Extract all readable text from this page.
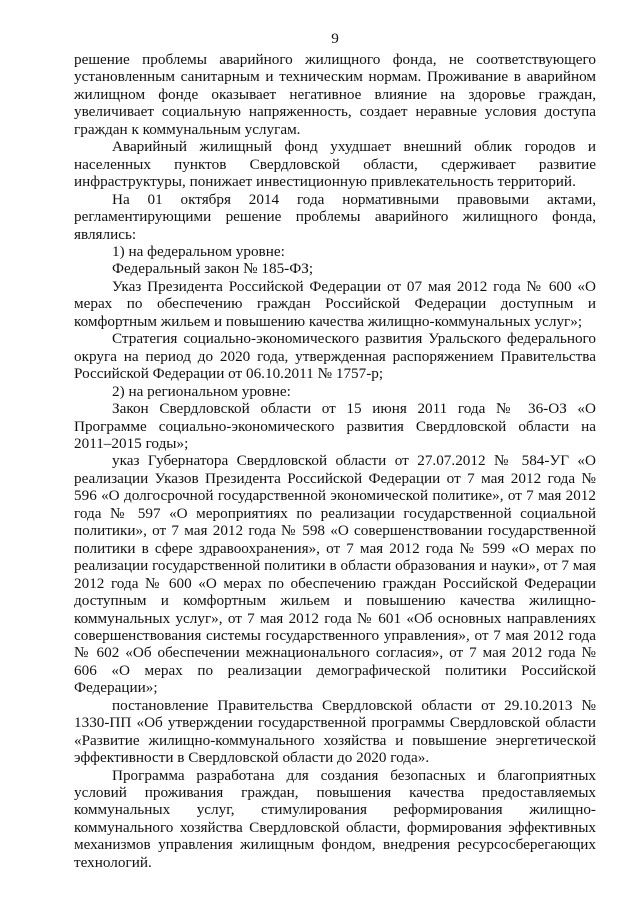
9

решение проблемы аварийного жилищного фонда, не соответствующего установленным санитарным и техническим нормам. Проживание в аварийном жилищном фонде оказывает негативное влияние на здоровье граждан, увеличивает социальную напряженность, создает неравные условия доступа граждан к коммунальным услугам.

Аварийный жилищный фонд ухудшает внешний облик городов и населенных пунктов Свердловской области, сдерживает развитие инфраструктуры, понижает инвестиционную привлекательность территорий.

На 01 октября 2014 года нормативными правовыми актами, регламентирующими решение проблемы аварийного жилищного фонда, являлись:

1) на федеральном уровне:

Федеральный закон № 185-ФЗ;

Указ Президента Российской Федерации от 07 мая 2012 года № 600 «О мерах по обеспечению граждан Российской Федерации доступным и комфортным жильем и повышению качества жилищно-коммунальных услуг»;

Стратегия социально-экономического развития Уральского федерального округа на период до 2020 года, утвержденная распоряжением Правительства Российской Федерации от 06.10.2011 № 1757-р;

2) на региональном уровне:

Закон Свердловской области от 15 июня 2011 года № 36-ОЗ «О Программе социально-экономического развития Свердловской области на 2011–2015 годы»;

указ Губернатора Свердловской области от 27.07.2012 № 584-УГ «О реализации Указов Президента Российской Федерации от 7 мая 2012 года № 596 «О долгосрочной государственной экономической политике», от 7 мая 2012 года № 597 «О мероприятиях по реализации государственной социальной политики», от 7 мая 2012 года № 598 «О совершенствовании государственной политики в сфере здравоохранения», от 7 мая 2012 года № 599 «О мерах по реализации государственной политики в области образования и науки», от 7 мая 2012 года № 600 «О мерах по обеспечению граждан Российской Федерации доступным и комфортным жильем и повышению качества жилищно-коммунальных услуг», от 7 мая 2012 года № 601 «Об основных направлениях совершенствования системы государственного управления», от 7 мая 2012 года № 602 «Об обеспечении межнационального согласия», от 7 мая 2012 года № 606 «О мерах по реализации демографической политики Российской Федерации»;

постановление Правительства Свердловской области от 29.10.2013 № 1330-ПП «Об утверждении государственной программы Свердловской области «Развитие жилищно-коммунального хозяйства и повышение энергетической эффективности в Свердловской области до 2020 года».

Программа разработана для создания безопасных и благоприятных условий проживания граждан, повышения качества предоставляемых коммунальных услуг, стимулирования реформирования жилищно-коммунального хозяйства Свердловской области, формирования эффективных механизмов управления жилищным фондом, внедрения ресурсосберегающих технологий.
